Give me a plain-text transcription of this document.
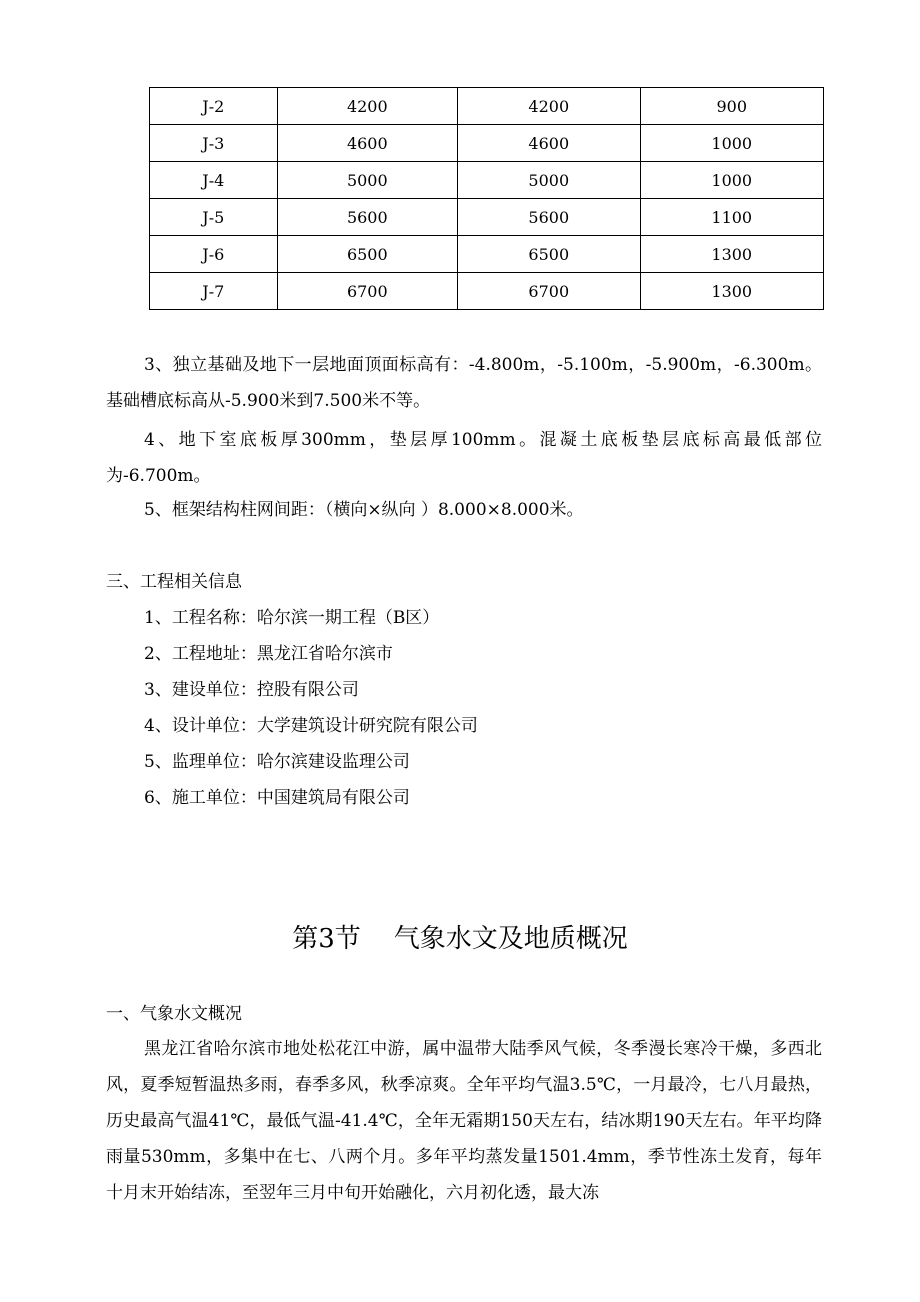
J-2	4200	4200	900
J-3	4600	4600	1000
J-4	5000	5000	1000
J-5	5600	5600	1100
J-6	6500	6500	1300
J-7	6700	6700	1300

3、独立基础及地下一层地面顶面标高有：-4.800m，-5.100m，-5.900m，-6.300m。基础槽底标高从-5.900米到7.500米不等。

4、地下室底板厚300mm，垫层厚100mm。混凝土底板垫层底标高最低部位为-6.700m。

5、框架结构柱网间距：（横向×纵向 ）8.000×8.000米。

三、工程相关信息

1、工程名称：哈尔滨一期工程（B区）

2、工程地址：黑龙江省哈尔滨市

3、建设单位：控股有限公司

4、设计单位：大学建筑设计研究院有限公司

5、监理单位：哈尔滨建设监理公司

6、施工单位：中国建筑局有限公司

第3节    气象水文及地质概况

一、气象水文概况

黑龙江省哈尔滨市地处松花江中游，属中温带大陆季风气候，冬季漫长寒冷干燥，多西北风，夏季短暂温热多雨，春季多风，秋季凉爽。全年平均气温3.5℃，一月最冷，七八月最热，历史最高气温41℃，最低气温-41.4℃，全年无霜期150天左右，结冰期190天左右。年平均降雨量530mm，多集中在七、八两个月。多年平均蒸发量1501.4mm，季节性冻土发育，每年十月末开始结冻，至翌年三月中旬开始融化，六月初化透，最大冻
